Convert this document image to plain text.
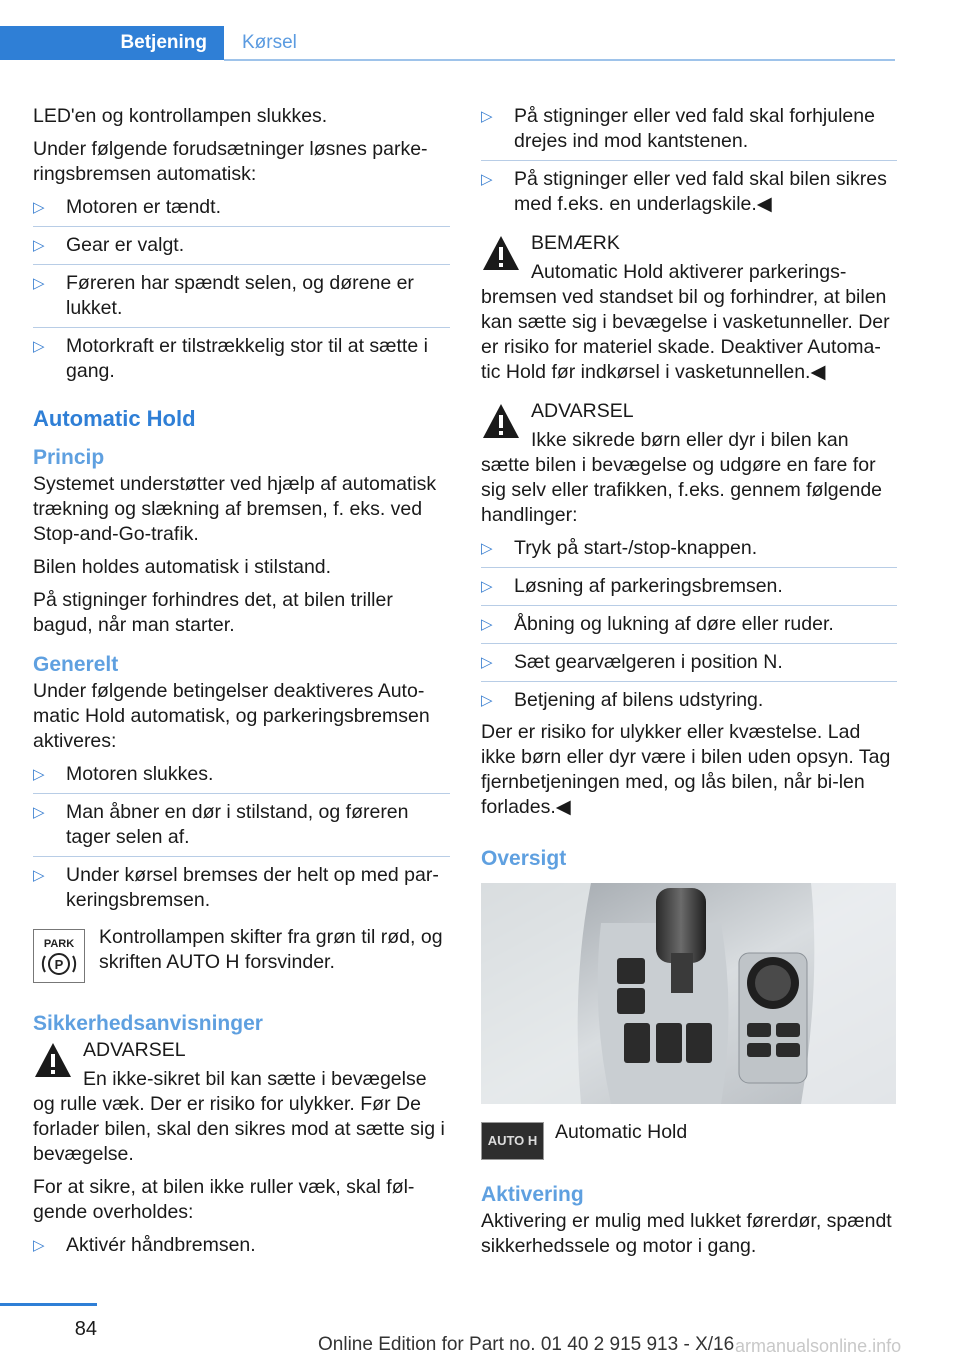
Betjening	Kørsel

LED'en og kontrollampen slukkes.

Under følgende forudsætninger løsnes parke‐ringsbremsen automatisk:

▷ Motoren er tændt.
▷ Gear er valgt.
▷ Føreren har spændt selen, og dørene er lukket.
▷ Motorkraft er tilstrækkelig stor til at sætte i gang.
Automatic Hold
Princip

Systemet understøtter ved hjælp af automatisk trækning og slækning af bremsen, f. eks. ved Stop-and-Go-trafik.

Bilen holdes automatisk i stilstand.

På stigninger forhindres det, at bilen triller bagud, når man starter.

Generelt

Under følgende betingelser deaktiveres Auto‐matic Hold automatisk, og parkeringsbremsen aktiveres:

▷ Motoren slukkes.
▷ Man åbner en dør i stilstand, og føreren tager selen af.
▷ Under kørsel bremses der helt op med par‐keringsbremsen.
PARK
P
Kontrollampen skifter fra grøn til rød, og skriften AUTO H forsvinder.
Sikkerhedsanvisninger
ADVARSEL
En ikke-sikret bil kan sætte i bevægelse og rulle væk. Der er risiko for ulykker. Før De forlader bilen, skal den sikres mod at sætte sig i bevægelse.

For at sikre, at bilen ikke ruller væk, skal føl‐gende overholdes:

▷ Aktivér håndbremsen.
▷ På stigninger eller ved fald skal forhjulene drejes ind mod kantstenen.
▷ På stigninger eller ved fald skal bilen sikres med f.eks. en underlagskile.◀
BEMÆRK
Automatic Hold aktiverer parkerings‐bremsen ved standset bil og forhindrer, at bilen kan sætte sig i bevægelse i vasketunneller. Der er risiko for materiel skade. Deaktiver Automa‐tic Hold før indkørsel i vasketunnellen.◀
ADVARSEL
Ikke sikrede børn eller dyr i bilen kan sætte bilen i bevægelse og udgøre en fare for sig selv eller trafikken, f.eks. gennem følgende handlinger:
▷ Tryk på start-/stop-knappen.
▷ Løsning af parkeringsbremsen.
▷ Åbning og lukning af døre eller ruder.
▷ Sæt gearvælgeren i position N.
▷ Betjening af bilens udstyring.

Der er risiko for ulykker eller kvæstelse. Lad ikke børn eller dyr være i bilen uden opsyn. Tag fjernbetjeningen med, og lås bilen, når bi‐len forlades.◀

Oversigt
AUTO H Automatic Hold
Aktivering

Aktivering er mulig med lukket førerdør, spændt sikkerhedssele og motor i gang.

84
Online Edition for Part no. 01 40 2 915 913 - X/16 armanualsonline.info
